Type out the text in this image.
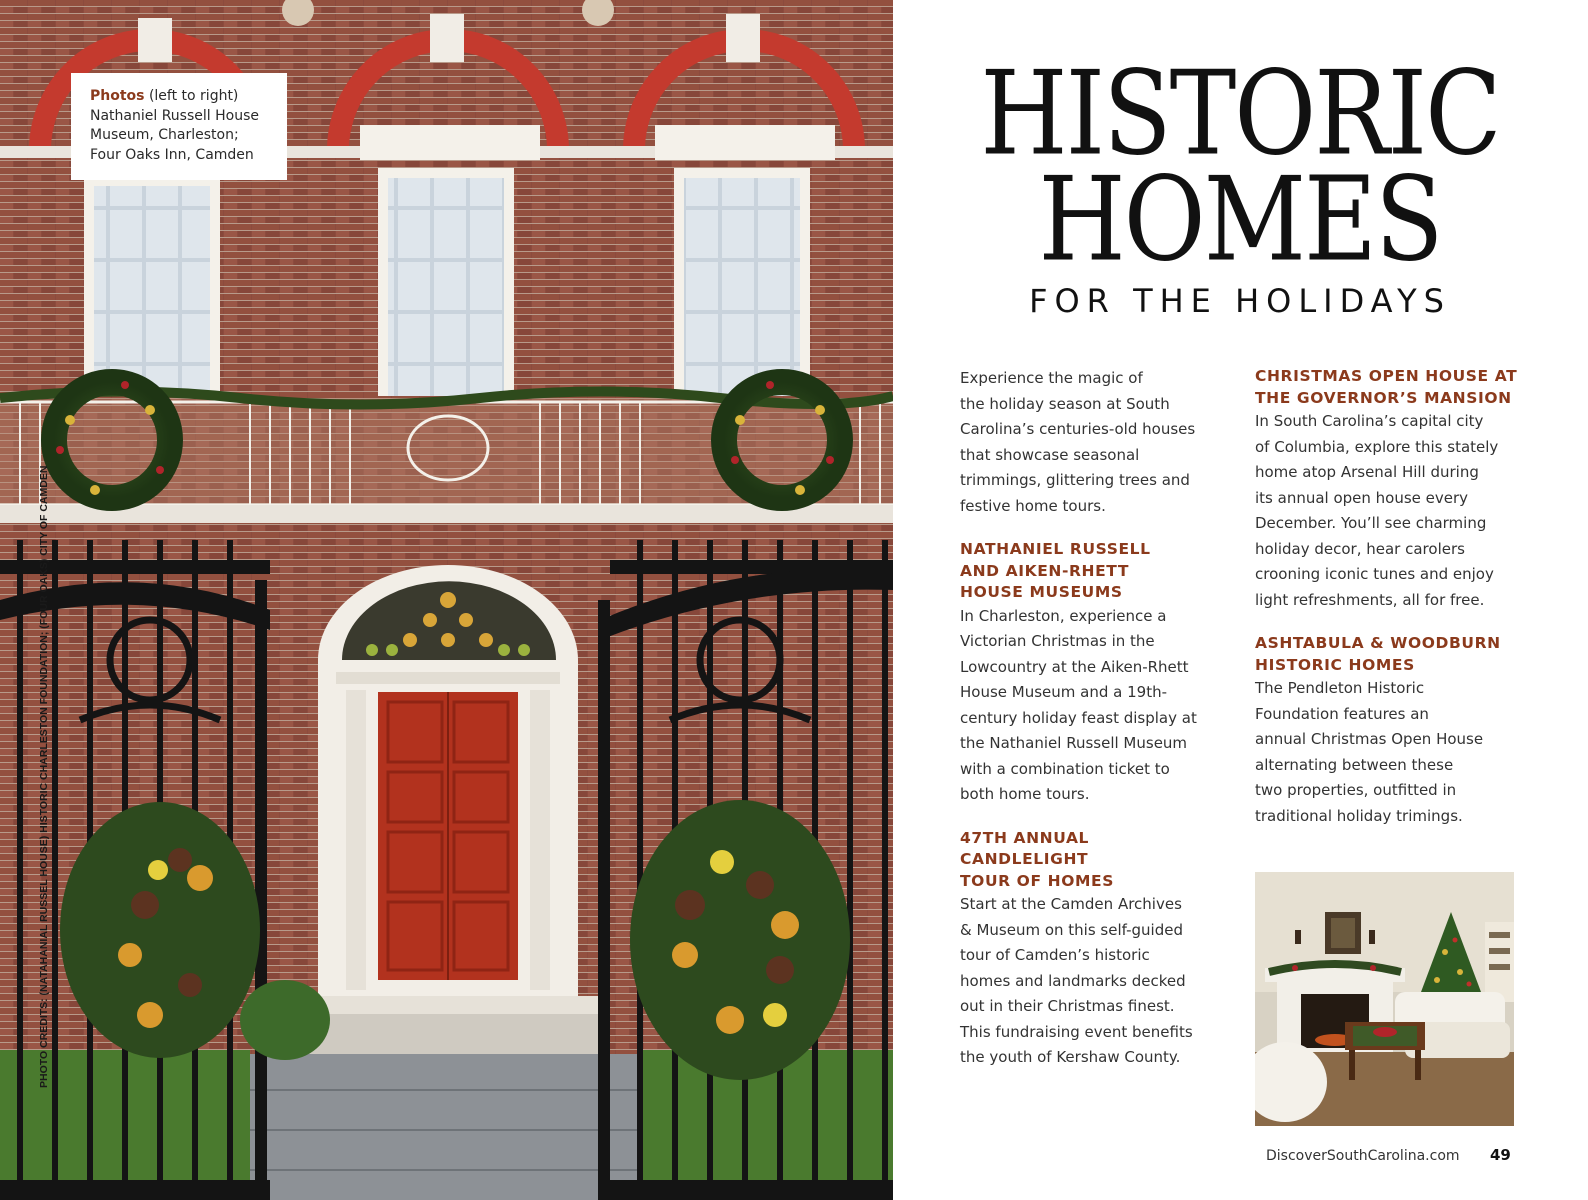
Photos (left to right)
Nathaniel Russell House
Museum, Charleston;
Four Oaks Inn, Camden
PHOTO CREDITS: (NATAHANIAL RUSSEL HOUSE) HISTORIC CHARLESTON FOUNDATION; (FOUR OAKS) CITY OF CAMDEN
HISTORIC
HOMES
FOR THE HOLIDAYS

Experience the magic of
the holiday season at South
Carolina’s centuries-old houses
that showcase seasonal
trimmings, glittering trees and
festive home tours.

NATHANIEL RUSSELL
AND AIKEN-RHETT
HOUSE MUSEUMS

In Charleston, experience a
Victorian Christmas in the
Lowcountry at the Aiken-Rhett
House Museum and a 19th-
century holiday feast display at
the Nathaniel Russell Museum
with a combination ticket to
both home tours.

47TH ANNUAL
CANDLELIGHT
TOUR OF HOMES

Start at the Camden Archives
& Museum on this self-guided
tour of Camden’s historic
homes and landmarks decked
out in their Christmas finest.
This fundraising event benefits
the youth of Kershaw County.

CHRISTMAS OPEN HOUSE AT
THE GOVERNOR’S MANSION

In South Carolina’s capital city
of Columbia, explore this stately
home atop Arsenal Hill during
its annual open house every
December. You’ll see charming
holiday decor, hear carolers
crooning iconic tunes and enjoy
light refreshments, all for free.

ASHTABULA & WOODBURN
HISTORIC HOMES

The Pendleton Historic
Foundation features an
annual Christmas Open House
alternating between these
two properties, outfitted in
traditional holiday trimings.

DiscoverSouthCarolina.com 49
